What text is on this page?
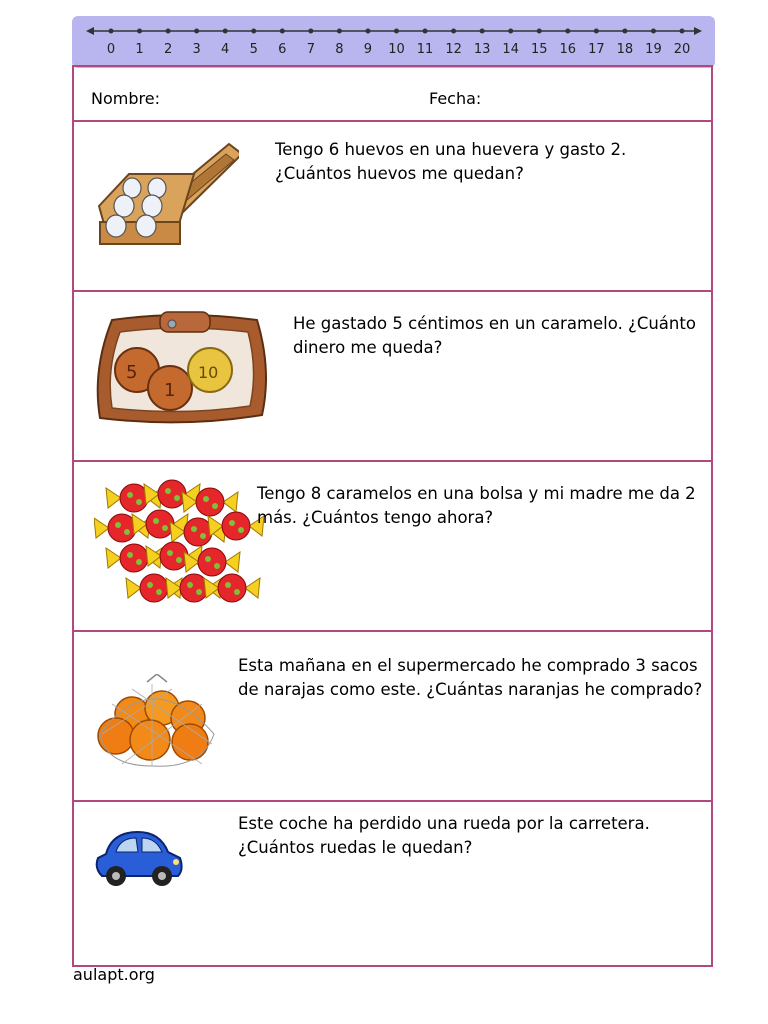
0 1 2 3 4 5 6 7 8 9 10 11 12 13 14 15 16 17 18 19 20
Nombre:	Fecha:
Tengo 6 huevos en una huevera y gasto 2. ¿Cuántos huevos me quedan?
5
1
10
He gastado 5 céntimos en un caramelo. ¿Cuánto dinero me queda?
Tengo 8 caramelos en una bolsa y mi madre me da 2 más. ¿Cuántos tengo ahora?
Esta mañana en el supermercado he comprado 3 sacos de narajas como este. ¿Cuántas naranjas he comprado?
Este coche ha perdido una rueda por la carretera. ¿Cuántos ruedas le quedan?
aulapt.org
